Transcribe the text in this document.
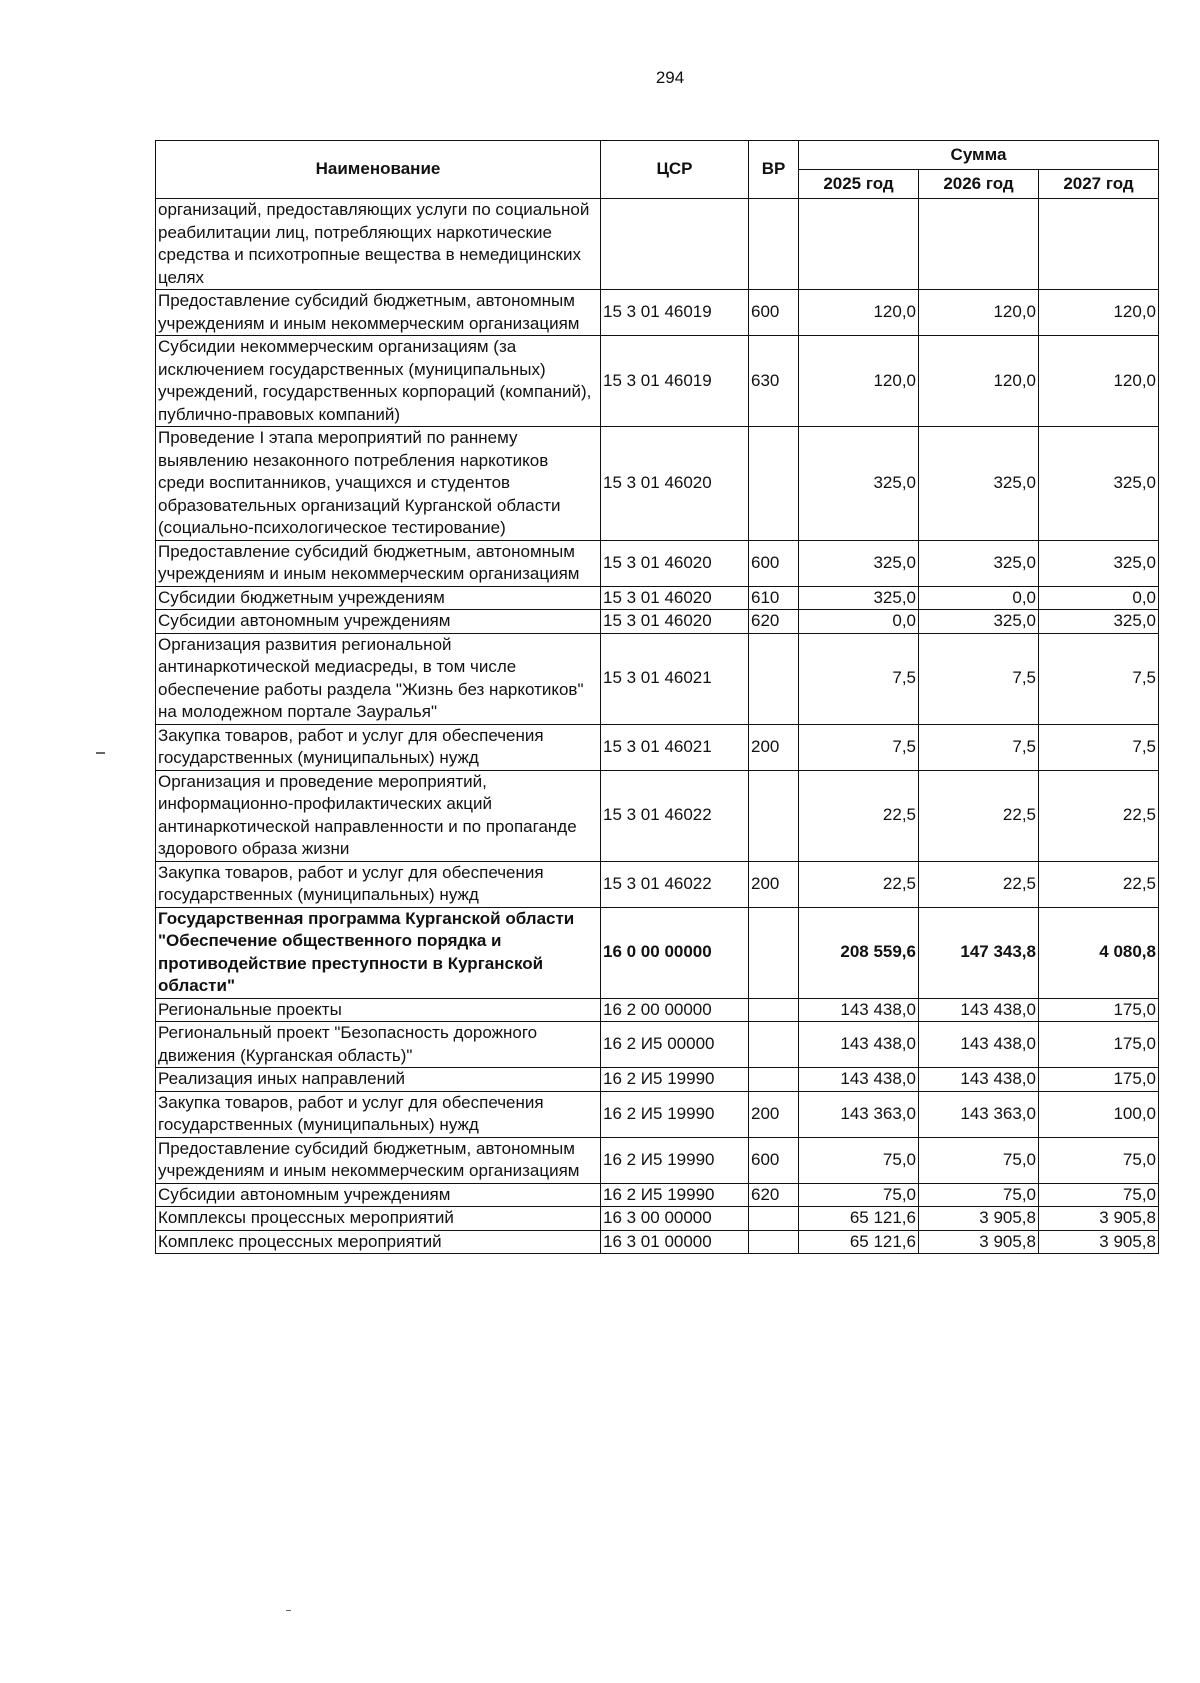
294
Наименование	ЦСР	ВР	Сумма		
			2025 год	2026 год	2027 год
организаций, предоставляющих услуги по социальной реабилитации лиц, потребляющих наркотические средства и психотропные вещества в немедицинских целях					
Предоставление субсидий бюджетным, автономным учреждениям и иным некоммерческим организациям	15 3 01 46019	600	120,0	120,0	120,0
Субсидии некоммерческим организациям (за исключением государственных (муниципальных) учреждений, государственных корпораций (компаний), публично-правовых компаний)	15 3 01 46019	630	120,0	120,0	120,0
Проведение I этапа мероприятий по раннему выявлению незаконного потребления наркотиков среди воспитанников, учащихся и студентов образовательных организаций Курганской области (социально-психологическое тестирование)	15 3 01 46020		325,0	325,0	325,0
Предоставление субсидий бюджетным, автономным учреждениям и иным некоммерческим организациям	15 3 01 46020	600	325,0	325,0	325,0
Субсидии бюджетным учреждениям	15 3 01 46020	610	325,0	0,0	0,0
Субсидии автономным учреждениям	15 3 01 46020	620	0,0	325,0	325,0
Организация развития региональной антинаркотической медиасреды, в том числе обеспечение работы раздела "Жизнь без наркотиков" на молодежном портале Зауралья"	15 3 01 46021		7,5	7,5	7,5
Закупка товаров, работ и услуг для обеспечения государственных (муниципальных) нужд	15 3 01 46021	200	7,5	7,5	7,5
Организация и проведение мероприятий, информационно-профилактических акций антинаркотической направленности и по пропаганде здорового образа жизни	15 3 01 46022		22,5	22,5	22,5
Закупка товаров, работ и услуг для обеспечения государственных (муниципальных) нужд	15 3 01 46022	200	22,5	22,5	22,5
Государственная программа Курганской области "Обеспечение общественного порядка и противодействие преступности в Курганской области"	16 0 00 00000		208 559,6	147 343,8	4 080,8
Региональные проекты	16 2 00 00000		143 438,0	143 438,0	175,0
Региональный проект "Безопасность дорожного движения (Курганская область)"	16 2 И5 00000		143 438,0	143 438,0	175,0
Реализация иных направлений	16 2 И5 19990		143 438,0	143 438,0	175,0
Закупка товаров, работ и услуг для обеспечения государственных (муниципальных) нужд	16 2 И5 19990	200	143 363,0	143 363,0	100,0
Предоставление субсидий бюджетным, автономным учреждениям и иным некоммерческим организациям	16 2 И5 19990	600	75,0	75,0	75,0
Субсидии автономным учреждениям	16 2 И5 19990	620	75,0	75,0	75,0
Комплексы процессных мероприятий	16 3 00 00000		65 121,6	3 905,8	3 905,8
Комплекс процессных мероприятий	16 3 01 00000		65 121,6	3 905,8	3 905,8
